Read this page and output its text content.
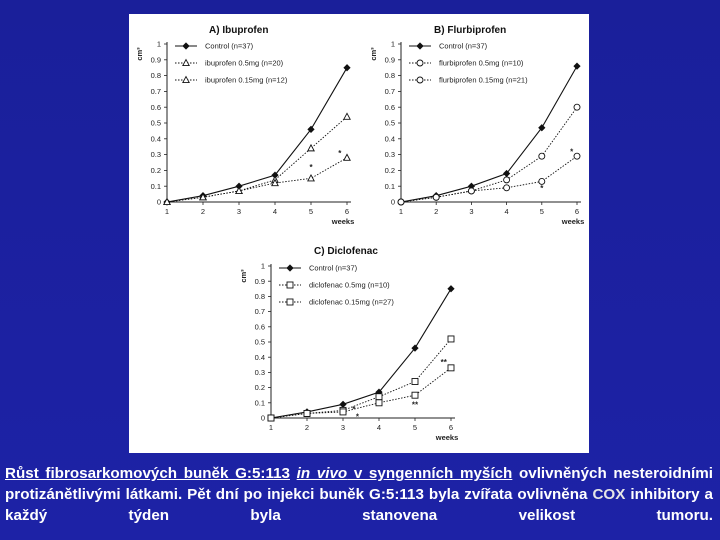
A) Ibuprofen
0
0.1
0.2
0.3
0.4
0.5
0.6
0.7
0.8
0.9
1
1	2	3	4	5	6
weeks
cm³
Control (n=37)
ibuprofen 0.5mg (n=20)
ibuprofen 0.15mg (n=12)
*
*
B) Flurbiprofen
0
0.1
0.2
0.3
0.4
0.5
0.6
0.7
0.8
0.9
1
1	2	3	4	5	6
weeks
cm³
Control (n=37)
flurbiprofen 0.5mg (n=10)
flurbiprofen 0.15mg (n=21)
*
*
C) Diclofenac
0
0.1
0.2
0.3
0.4
0.5
0.6
0.7
0.8
0.9
1
1	2	3	4	5	6
weeks
cm³
Control (n=37)
diclofenac 0.5mg (n=10)
diclofenac 0.15mg (n=27)
*
*
**
**
Růst fibrosarkomových buněk G:5:113 in vivo v syngenních myších ovlivněných nesteroidními protizánětlivými látkami. Pět dní po injekci buněk G:5:113 byla zvířata ovlivněna COX inhibitory a každý týden byla stanovena velikost tumoru.
